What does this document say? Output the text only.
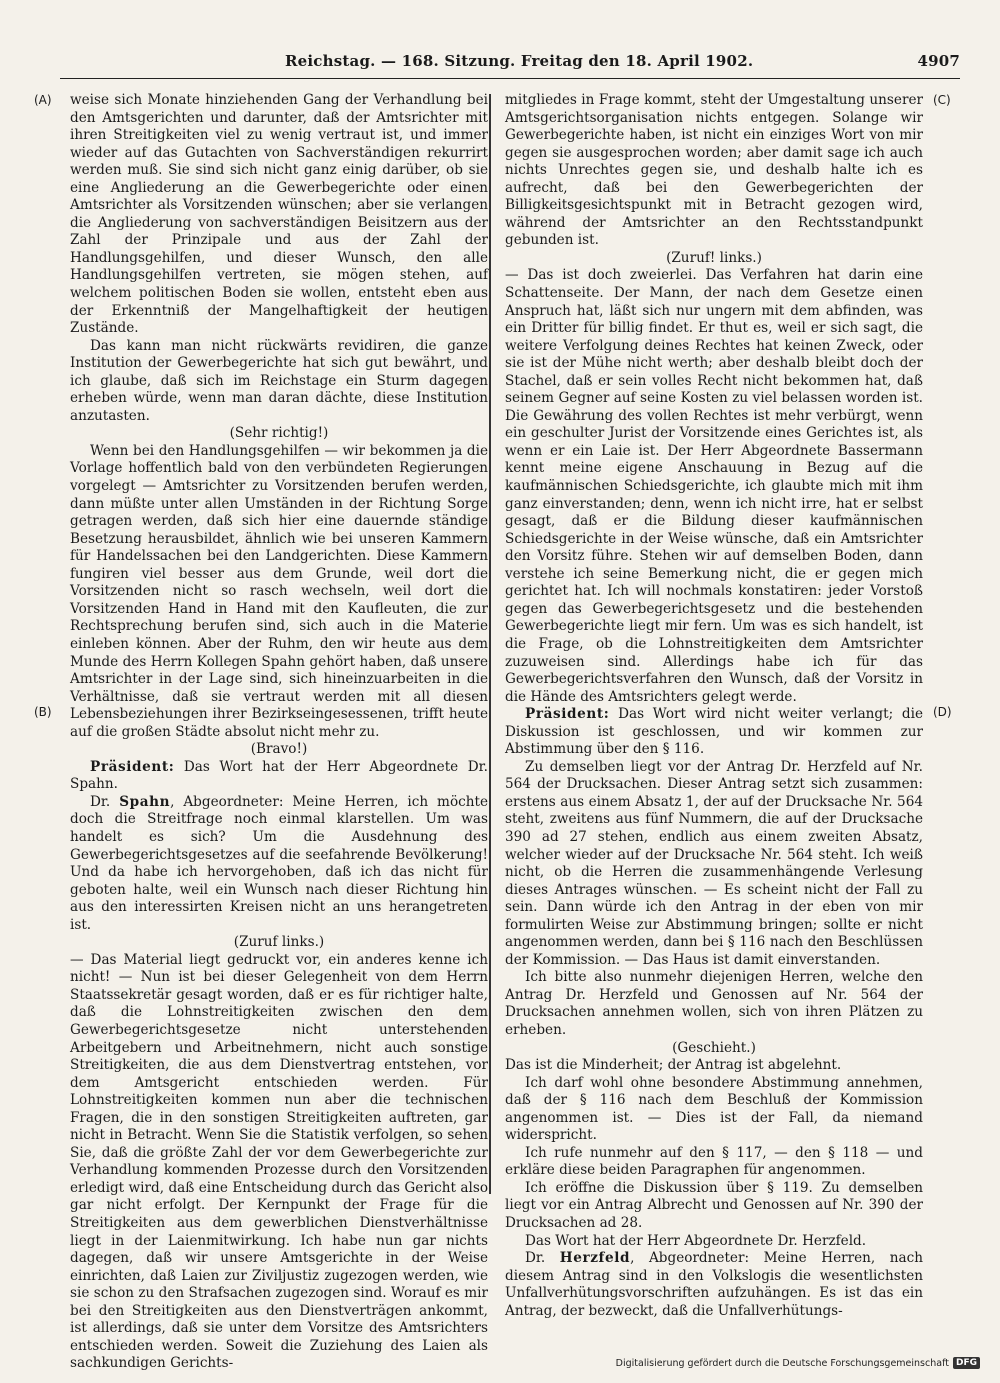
Reichstag. — 168. Sitzung. Freitag den 18. April 1902.	4907
(A)
(B)
(C)
(D)

weise sich Monate hinziehenden Gang der Verhandlung bei den Amtsgerichten und darunter, daß der Amtsrichter mit ihren Streitigkeiten viel zu wenig vertraut ist, und immer wieder auf das Gutachten von Sachverständigen rekurrirt werden muß. Sie sind sich nicht ganz einig darüber, ob sie eine Angliederung an die Gewerbegerichte oder einen Amtsrichter als Vorsitzenden wünschen; aber sie verlangen die Angliederung von sachverständigen Beisitzern aus der Zahl der Prinzipale und aus der Zahl der Handlungsgehilfen, und dieser Wunsch, den alle Handlungsgehilfen vertreten, sie mögen stehen, auf welchem politischen Boden sie wollen, entsteht eben aus der Erkenntniß der Mangelhaftigkeit der heutigen Zustände.

Das kann man nicht rückwärts revidiren, die ganze Institution der Gewerbegerichte hat sich gut bewährt, und ich glaube, daß sich im Reichstage ein Sturm dagegen erheben würde, wenn man daran dächte, diese Institution anzutasten.

(Sehr richtig!)

Wenn bei den Handlungsgehilfen — wir bekommen ja die Vorlage hoffentlich bald von den verbündeten Regierungen vorgelegt — Amtsrichter zu Vorsitzenden berufen werden, dann müßte unter allen Umständen in der Richtung Sorge getragen werden, daß sich hier eine dauernde ständige Besetzung herausbildet, ähnlich wie bei unseren Kammern für Handelssachen bei den Landgerichten. Diese Kammern fungiren viel besser aus dem Grunde, weil dort die Vorsitzenden nicht so rasch wechseln, weil dort die Vorsitzenden Hand in Hand mit den Kaufleuten, die zur Rechtsprechung berufen sind, sich auch in die Materie einleben können. Aber der Ruhm, den wir heute aus dem Munde des Herrn Kollegen Spahn gehört haben, daß unsere Amtsrichter in der Lage sind, sich hineinzuarbeiten in die Verhältnisse, daß sie vertraut werden mit all diesen Lebensbeziehungen ihrer Bezirkseingesessenen, trifft heute auf die großen Städte absolut nicht mehr zu.

(Bravo!)

Präsident: Das Wort hat der Herr Abgeordnete Dr. Spahn.

Dr. Spahn, Abgeordneter: Meine Herren, ich möchte doch die Streitfrage noch einmal klarstellen. Um was handelt es sich? Um die Ausdehnung des Gewerbegerichtsgesetzes auf die seefahrende Bevölkerung! Und da habe ich hervorgehoben, daß ich das nicht für geboten halte, weil ein Wunsch nach dieser Richtung hin aus den interessirten Kreisen nicht an uns herangetreten ist.

(Zuruf links.)

— Das Material liegt gedruckt vor, ein anderes kenne ich nicht! — Nun ist bei dieser Gelegenheit von dem Herrn Staatssekretär gesagt worden, daß er es für richtiger halte, daß die Lohnstreitigkeiten zwischen den dem Gewerbegerichtsgesetze nicht unterstehenden Arbeitgebern und Arbeitnehmern, nicht auch sonstige Streitigkeiten, die aus dem Dienstvertrag entstehen, vor dem Amtsgericht entschieden werden. Für Lohnstreitigkeiten kommen nun aber die technischen Fragen, die in den sonstigen Streitigkeiten auftreten, gar nicht in Betracht. Wenn Sie die Statistik verfolgen, so sehen Sie, daß die größte Zahl der vor dem Gewerbegerichte zur Verhandlung kommenden Prozesse durch den Vorsitzenden erledigt wird, daß eine Entscheidung durch das Gericht also gar nicht erfolgt. Der Kernpunkt der Frage für die Streitigkeiten aus dem gewerblichen Dienstverhältnisse liegt in der Laienmitwirkung. Ich habe nun gar nichts dagegen, daß wir unsere Amtsgerichte in der Weise einrichten, daß Laien zur Ziviljustiz zugezogen werden, wie sie schon zu den Strafsachen zugezogen sind. Worauf es mir bei den Streitigkeiten aus den Dienstverträgen ankommt, ist allerdings, daß sie unter dem Vorsitze des Amtsrichters entschieden werden. Soweit die Zuziehung des Laien als sachkundigen Gerichts-

mitgliedes in Frage kommt, steht der Umgestaltung unserer Amtsgerichtsorganisation nichts entgegen. Solange wir Gewerbegerichte haben, ist nicht ein einziges Wort von mir gegen sie ausgesprochen worden; aber damit sage ich auch nichts Unrechtes gegen sie, und deshalb halte ich es aufrecht, daß bei den Gewerbegerichten der Billigkeitsgesichtspunkt mit in Betracht gezogen wird, während der Amtsrichter an den Rechtsstandpunkt gebunden ist.

(Zuruf! links.)

— Das ist doch zweierlei. Das Verfahren hat darin eine Schattenseite. Der Mann, der nach dem Gesetze einen Anspruch hat, läßt sich nur ungern mit dem abfinden, was ein Dritter für billig findet. Er thut es, weil er sich sagt, die weitere Verfolgung deines Rechtes hat keinen Zweck, oder sie ist der Mühe nicht werth; aber deshalb bleibt doch der Stachel, daß er sein volles Recht nicht bekommen hat, daß seinem Gegner auf seine Kosten zu viel belassen worden ist. Die Gewährung des vollen Rechtes ist mehr verbürgt, wenn ein geschulter Jurist der Vorsitzende eines Gerichtes ist, als wenn er ein Laie ist. Der Herr Abgeordnete Bassermann kennt meine eigene Anschauung in Bezug auf die kaufmännischen Schiedsgerichte, ich glaubte mich mit ihm ganz einverstanden; denn, wenn ich nicht irre, hat er selbst gesagt, daß er die Bildung dieser kaufmännischen Schiedsgerichte in der Weise wünsche, daß ein Amtsrichter den Vorsitz führe. Stehen wir auf demselben Boden, dann verstehe ich seine Bemerkung nicht, die er gegen mich gerichtet hat. Ich will nochmals konstatiren: jeder Vorstoß gegen das Gewerbegerichtsgesetz und die bestehenden Gewerbegerichte liegt mir fern. Um was es sich handelt, ist die Frage, ob die Lohnstreitigkeiten dem Amtsrichter zuzuweisen sind. Allerdings habe ich für das Gewerbegerichtsverfahren den Wunsch, daß der Vorsitz in die Hände des Amtsrichters gelegt werde.

Präsident: Das Wort wird nicht weiter verlangt; die Diskussion ist geschlossen, und wir kommen zur Abstimmung über den § 116.

Zu demselben liegt vor der Antrag Dr. Herzfeld auf Nr. 564 der Drucksachen. Dieser Antrag setzt sich zusammen: erstens aus einem Absatz 1, der auf der Drucksache Nr. 564 steht, zweitens aus fünf Nummern, die auf der Drucksache 390 ad 27 stehen, endlich aus einem zweiten Absatz, welcher wieder auf der Drucksache Nr. 564 steht. Ich weiß nicht, ob die Herren die zusammenhängende Verlesung dieses Antrages wünschen. — Es scheint nicht der Fall zu sein. Dann würde ich den Antrag in der eben von mir formulirten Weise zur Abstimmung bringen; sollte er nicht angenommen werden, dann bei § 116 nach den Beschlüssen der Kommission. — Das Haus ist damit einverstanden.

Ich bitte also nunmehr diejenigen Herren, welche den Antrag Dr. Herzfeld und Genossen auf Nr. 564 der Drucksachen annehmen wollen, sich von ihren Plätzen zu erheben.

(Geschieht.)

Das ist die Minderheit; der Antrag ist abgelehnt.

Ich darf wohl ohne besondere Abstimmung annehmen, daß der § 116 nach dem Beschluß der Kommission angenommen ist. — Dies ist der Fall, da niemand widerspricht.

Ich rufe nunmehr auf den § 117, — den § 118 — und erkläre diese beiden Paragraphen für angenommen.

Ich eröffne die Diskussion über § 119. Zu demselben liegt vor ein Antrag Albrecht und Genossen auf Nr. 390 der Drucksachen ad 28.

Das Wort hat der Herr Abgeordnete Dr. Herzfeld.

Dr. Herzfeld, Abgeordneter: Meine Herren, nach diesem Antrag sind in den Volkslogis die wesentlichsten Unfallverhütungsvorschriften aufzuhängen. Es ist das ein Antrag, der bezweckt, daß die Unfallverhütungs-

Digitalisierung gefördert durch die Deutsche Forschungsgemeinschaft DFG
